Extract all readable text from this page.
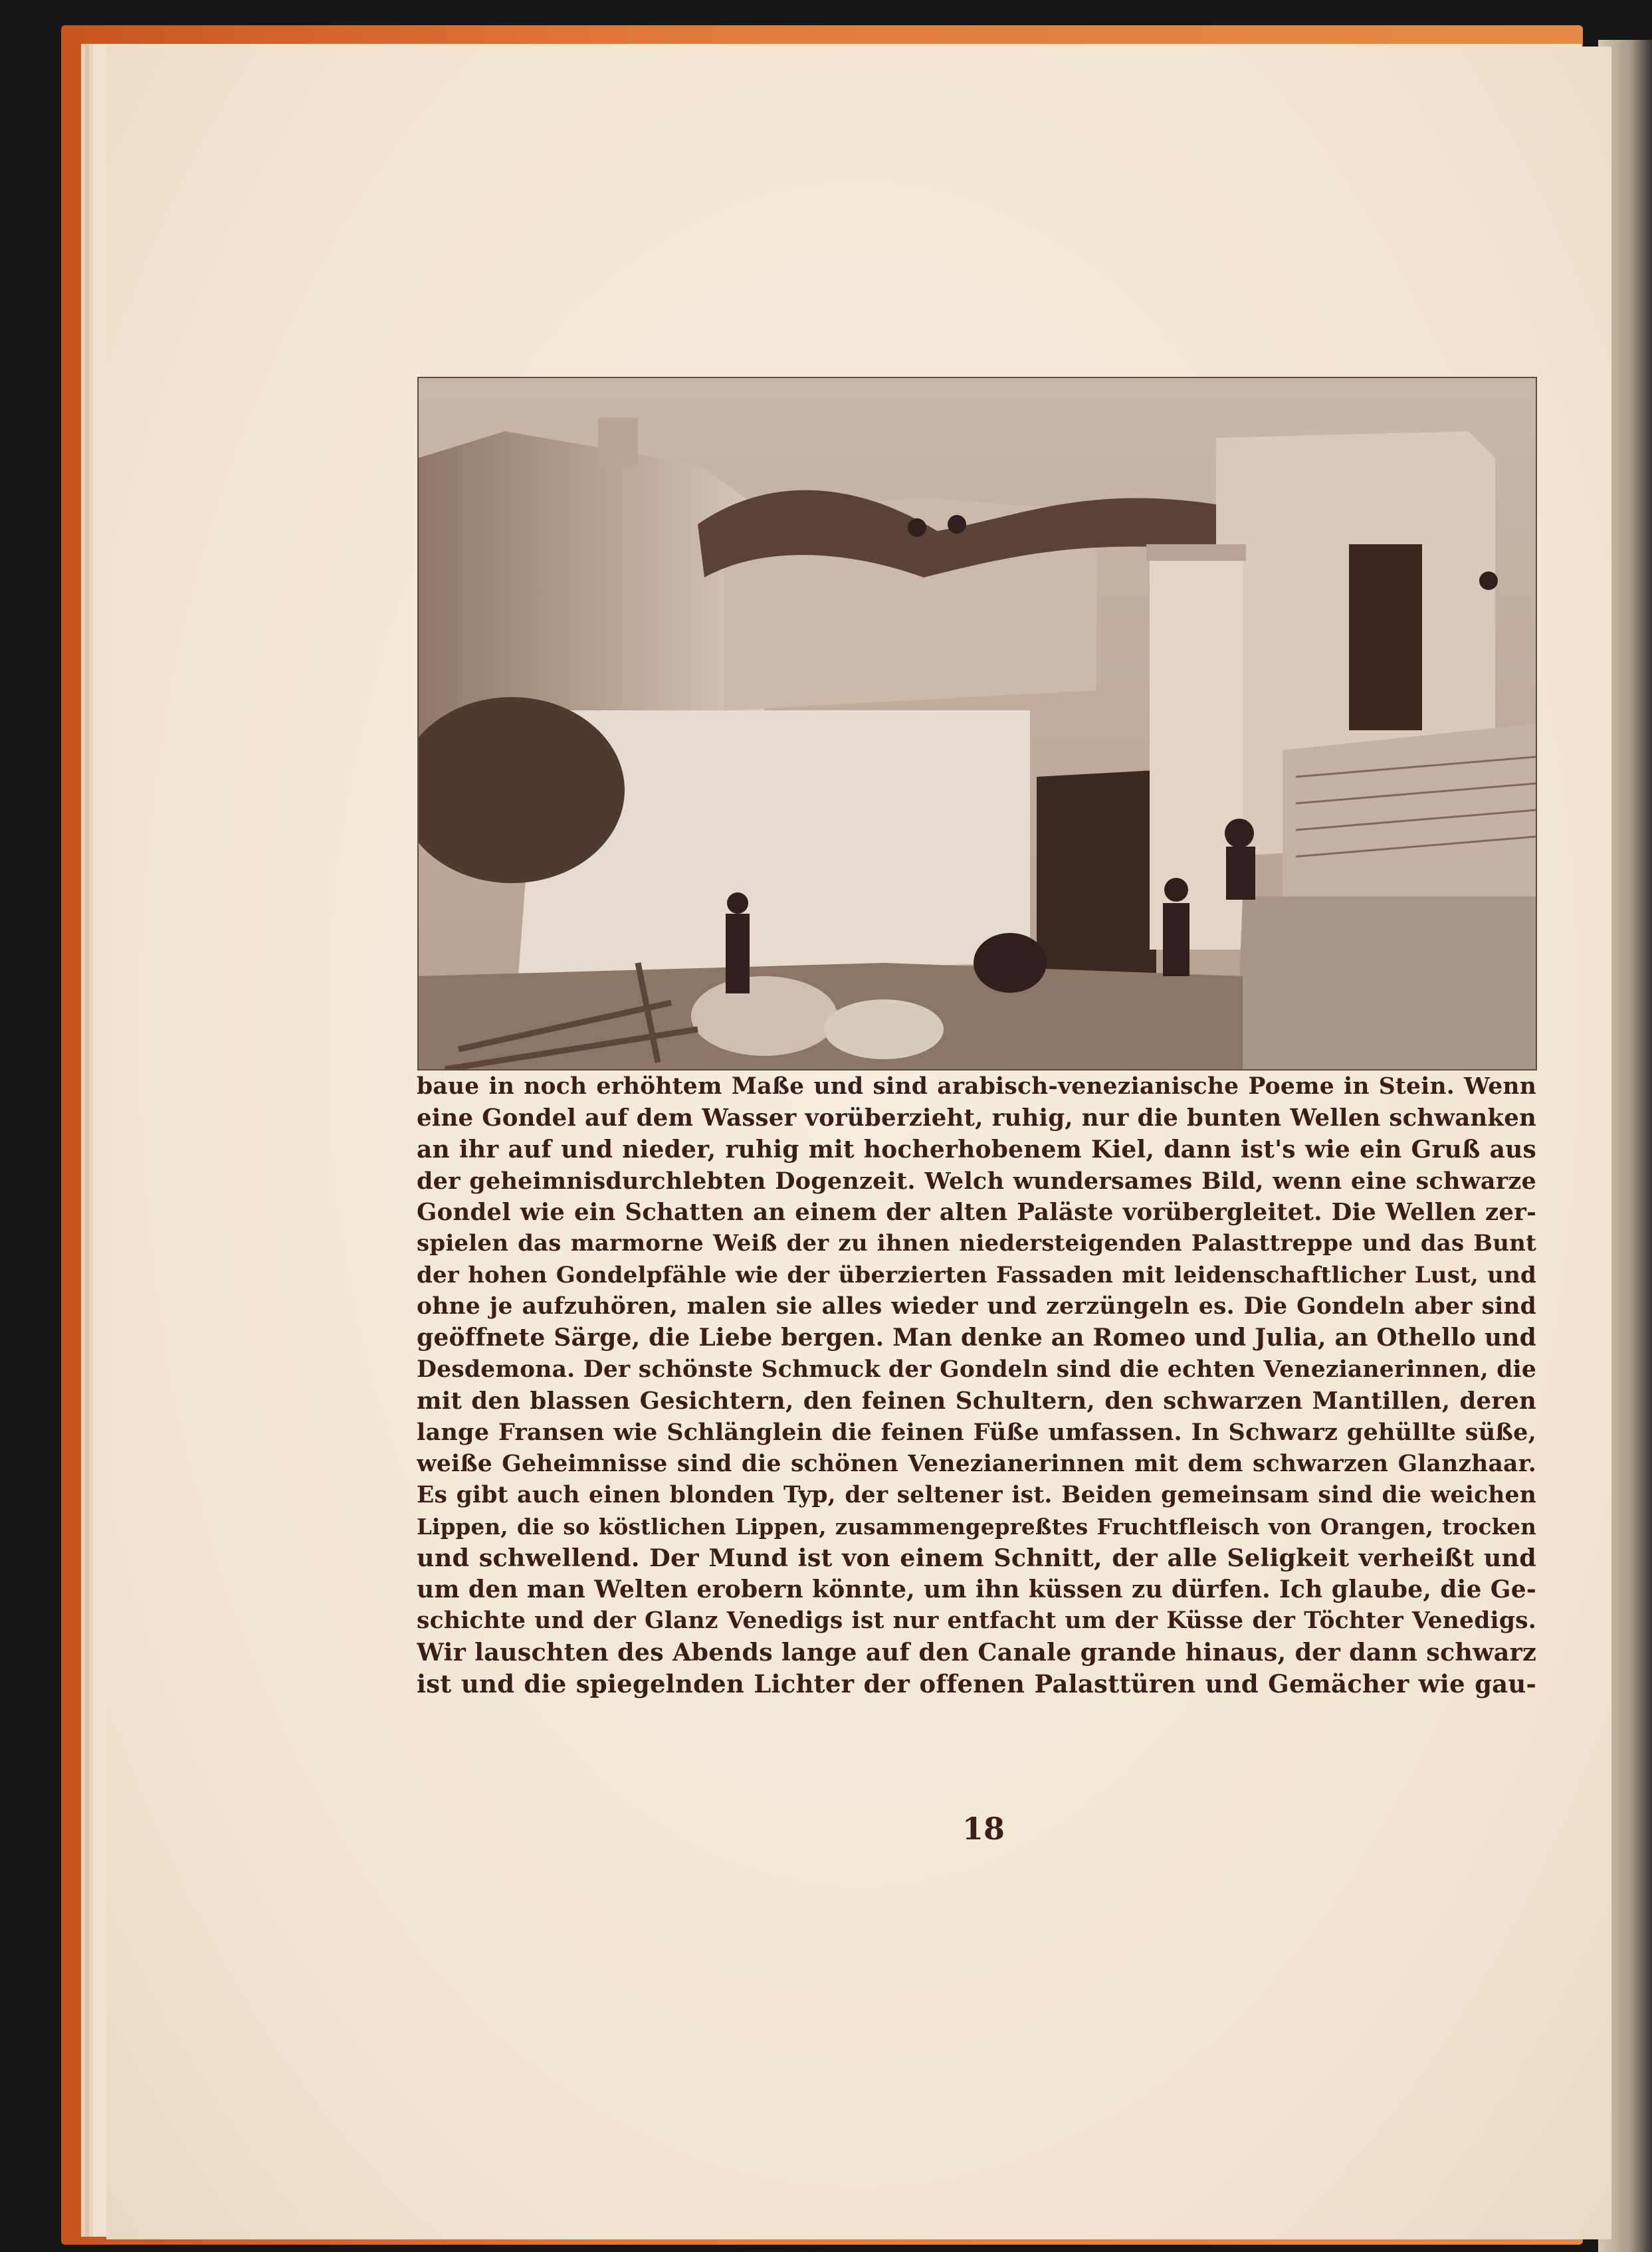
baue in noch erhöhtem Maße und sind arabisch-venezianische Poeme in Stein. Wenn
eine Gondel auf dem Wasser vorüberzieht, ruhig, nur die bunten Wellen schwanken
an ihr auf und nieder, ruhig mit hocherhobenem Kiel, dann ist's wie ein Gruß aus
der geheimnisdurchlebten Dogenzeit. Welch wundersames Bild, wenn eine schwarze
Gondel wie ein Schatten an einem der alten Paläste vorübergleitet. Die Wellen zer-
spielen das marmorne Weiß der zu ihnen niedersteigenden Palasttreppe und das Bunt
der hohen Gondelpfähle wie der überzierten Fassaden mit leidenschaftlicher Lust, und
ohne je aufzuhören, malen sie alles wieder und zerzüngeln es. Die Gondeln aber sind
geöffnete Särge, die Liebe bergen. Man denke an Romeo und Julia, an Othello und
Desdemona. Der schönste Schmuck der Gondeln sind die echten Venezianerinnen, die
mit den blassen Gesichtern, den feinen Schultern, den schwarzen Mantillen, deren
lange Fransen wie Schlänglein die feinen Füße umfassen. In Schwarz gehüllte süße,
weiße Geheimnisse sind die schönen Venezianerinnen mit dem schwarzen Glanzhaar.
Es gibt auch einen blonden Typ, der seltener ist. Beiden gemeinsam sind die weichen
Lippen, die so köstlichen Lippen, zusammengepreßtes Fruchtfleisch von Orangen, trocken
und schwellend. Der Mund ist von einem Schnitt, der alle Seligkeit verheißt und
um den man Welten erobern könnte, um ihn küssen zu dürfen. Ich glaube, die Ge-
schichte und der Glanz Venedigs ist nur entfacht um der Küsse der Töchter Venedigs.
Wir lauschten des Abends lange auf den Canale grande hinaus, der dann schwarz
ist und die spiegelnden Lichter der offenen Palasttüren und Gemächer wie gau-
18
